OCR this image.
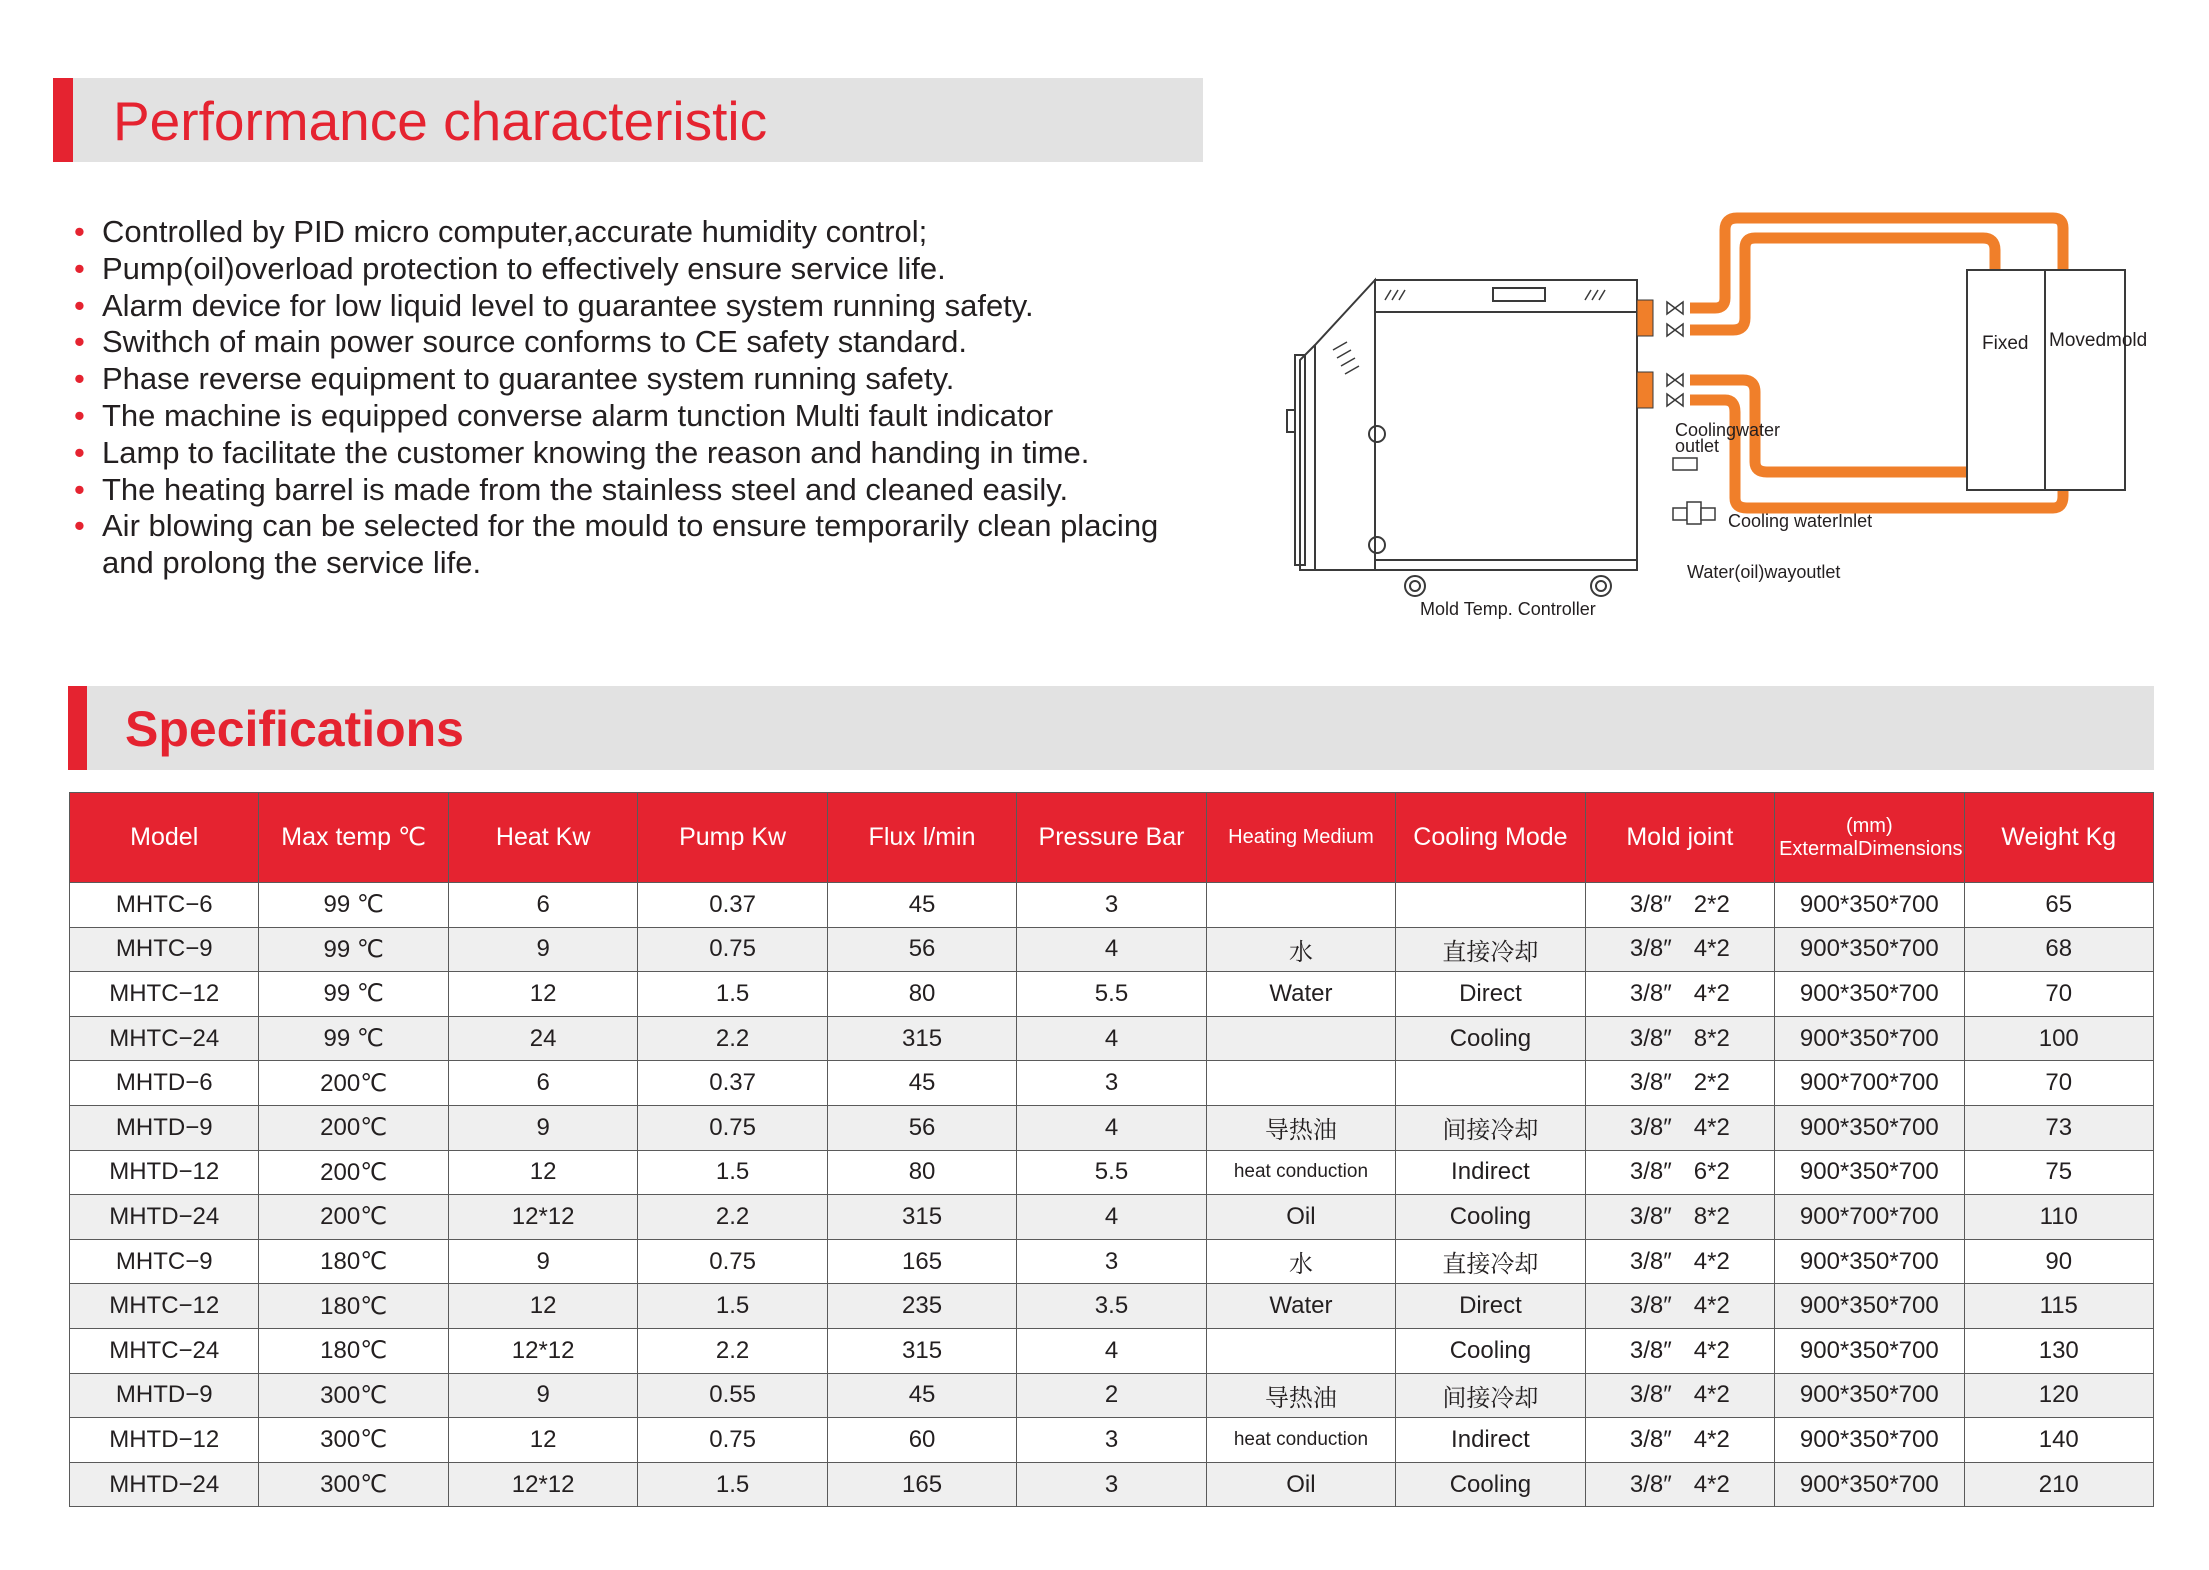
Performance characteristic
• Controlled by PID micro computer,accurate humidity control;
• Pump(oil)overload protection to effectively ensure service life.
• Alarm device for low liquid level to guarantee system running safety.
• Swithch of main power source conforms to CE safety standard.
• Phase reverse equipment to guarantee system running safety.
• The machine is equipped converse alarm tunction Multi fault indicator
• Lamp to facilitate the customer knowing the reason and handing in time.
• The heating barrel is made from the stainless steel and cleaned easily.
• Air blowing can be selected for the mould to ensure temporarily clean placing and prolong the service life.
Fixed Movedmold
Coolingwater
outlet
Cooling waterInlet
Water(oil)wayoutlet
Mold Temp. Controller
Specifications
Model	Max temp ℃	Heat Kw	Pump Kw	Flux l/min	Pressure Bar	Heating Medium	Cooling Mode	Mold joint	(mm)
ExtermalDimensions	Weight Kg
MHTC−6	99 ℃	6	0.37	45	3			3/8″ 2*2	900*350*700	65
MHTC−9	99 ℃	9	0.75	56	4	水	直接冷却	3/8″ 4*2	900*350*700	68
MHTC−12	99 ℃	12	1.5	80	5.5	Water	Direct	3/8″ 4*2	900*350*700	70
MHTC−24	99 ℃	24	2.2	315	4		Cooling	3/8″ 8*2	900*350*700	100
MHTD−6	200℃	6	0.37	45	3			3/8″ 2*2	900*700*700	70
MHTD−9	200℃	9	0.75	56	4	导热油	间接冷却	3/8″ 4*2	900*350*700	73
MHTD−12	200℃	12	1.5	80	5.5	heat conduction	Indirect	3/8″ 6*2	900*350*700	75
MHTD−24	200℃	12*12	2.2	315	4	Oil	Cooling	3/8″ 8*2	900*700*700	110
MHTC−9	180℃	9	0.75	165	3	水	直接冷却	3/8″ 4*2	900*350*700	90
MHTC−12	180℃	12	1.5	235	3.5	Water	Direct	3/8″ 4*2	900*350*700	115
MHTC−24	180℃	12*12	2.2	315	4		Cooling	3/8″ 4*2	900*350*700	130
MHTD−9	300℃	9	0.55	45	2	导热油	间接冷却	3/8″ 4*2	900*350*700	120
MHTD−12	300℃	12	0.75	60	3	heat conduction	Indirect	3/8″ 4*2	900*350*700	140
MHTD−24	300℃	12*12	1.5	165	3	Oil	Cooling	3/8″ 4*2	900*350*700	210
